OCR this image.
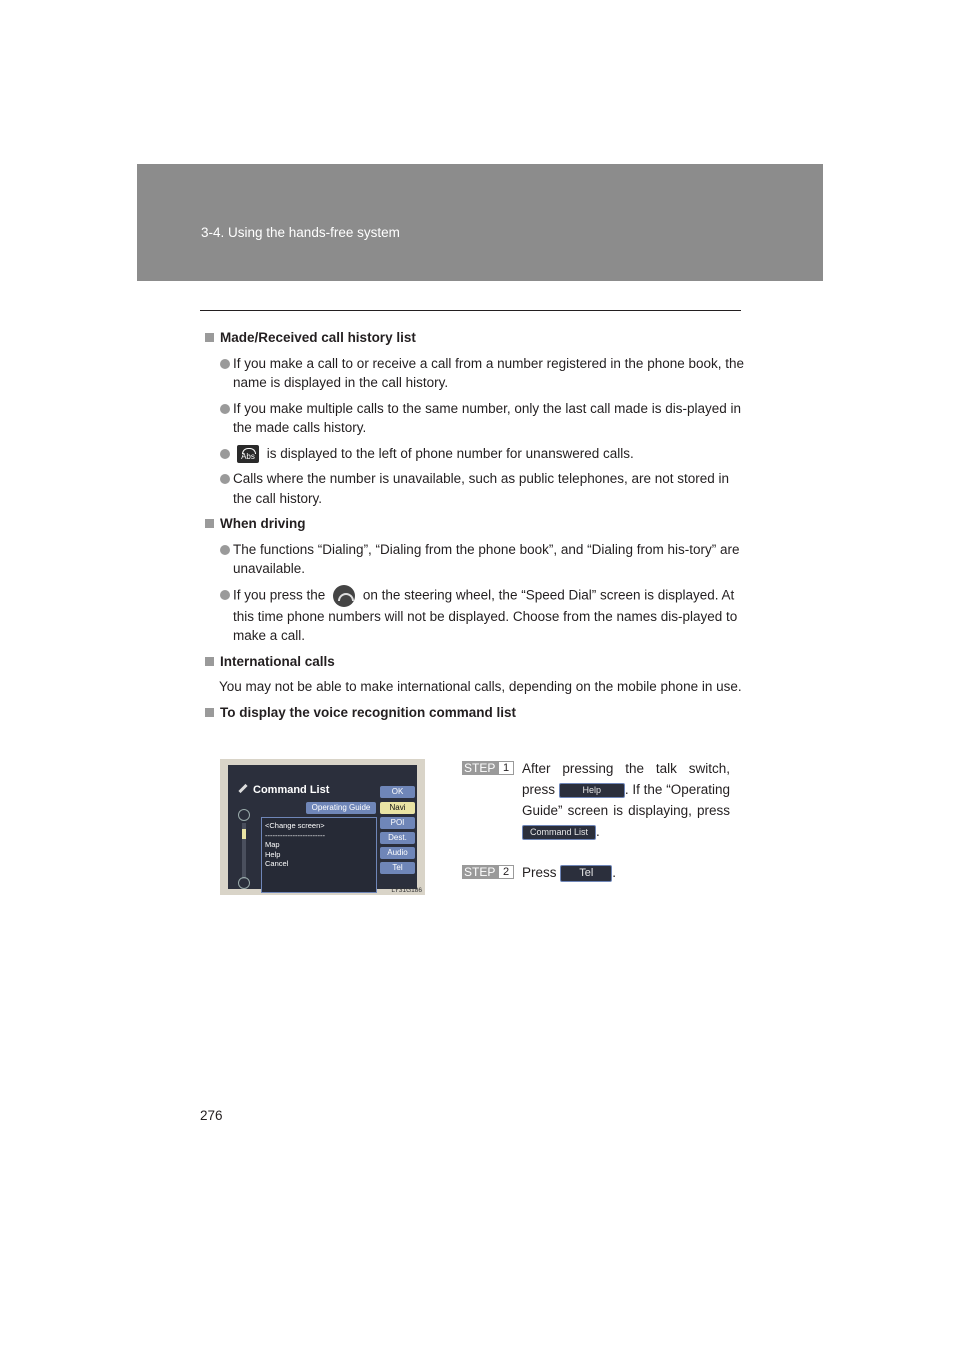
3-4. Using the hands-free system
Made/Received call history list
If you make a call to or receive a call from a number registered in the phone book, the name is displayed in the call history.
If you make multiple calls to the same number, only the last call made is dis-played in the made calls history.
Abs is displayed to the left of phone number for unanswered calls.
Calls where the number is unavailable, such as public telephones, are not stored in the call history.
When driving
The functions “Dialing”, “Dialing from the phone book”, and “Dialing from his-tory” are unavailable.
If you press the	on the steering wheel, the “Speed Dial” screen is displayed. At this time phone numbers will not be displayed. Choose from the names dis-played to make a call.
International calls
You may not be able to make international calls, depending on the mobile phone in use.
To display the voice recognition command list
Command List
Operating Guide
OK
Navi
POI
Dest.
Audio
Tel
<Change screen>
------------------------
Map
Help
Cancel
LY31G186
STEP 1 After pressing the talk switch, press	Help . If the “Operating Guide” screen is displaying, press Command List .
STEP 2 Press Tel .
276
